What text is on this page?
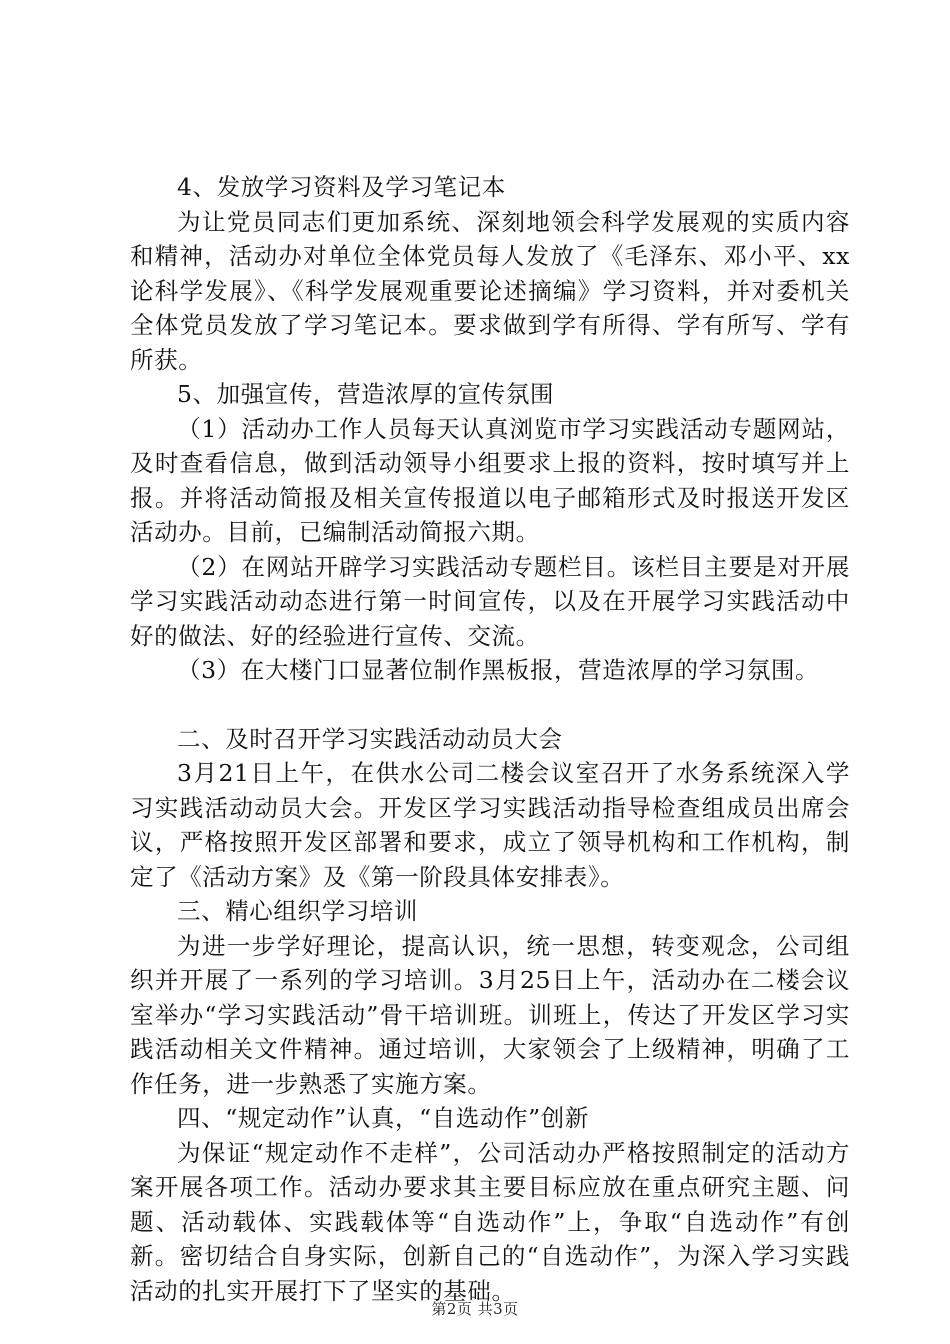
4、发放学习资料及学习笔记本

为让党员同志们更加系统、深刻地领会科学发展观的实质内容和精神，活动办对单位全体党员每人发放了《毛泽东、邓小平、xx论科学发展》、《科学发展观重要论述摘编》学习资料，并对委机关全体党员发放了学习笔记本。要求做到学有所得、学有所写、学有所获。

5、加强宣传，营造浓厚的宣传氛围

（1）活动办工作人员每天认真浏览市学习实践活动专题网站，及时查看信息，做到活动领导小组要求上报的资料，按时填写并上报。并将活动简报及相关宣传报道以电子邮箱形式及时报送开发区活动办。目前，已编制活动简报六期。

（2）在网站开辟学习实践活动专题栏目。该栏目主要是对开展学习实践活动动态进行第一时间宣传，以及在开展学习实践活动中好的做法、好的经验进行宣传、交流。

（3）在大楼门口显著位制作黑板报，营造浓厚的学习氛围。

二、及时召开学习实践活动动员大会

3月21日上午，在供水公司二楼会议室召开了水务系统深入学习实践活动动员大会。开发区学习实践活动指导检查组成员出席会议，严格按照开发区部署和要求，成立了领导机构和工作机构，制定了《活动方案》及《第一阶段具体安排表》。

三、精心组织学习培训

为进一步学好理论，提高认识，统一思想，转变观念，公司组织并开展了一系列的学习培训。3月25日上午，活动办在二楼会议室举办“学习实践活动”骨干培训班。训班上，传达了开发区学习实践活动相关文件精神。通过培训，大家领会了上级精神，明确了工作任务，进一步熟悉了实施方案。

四、“规定动作”认真，“自选动作”创新

为保证“规定动作不走样”，公司活动办严格按照制定的活动方案开展各项工作。活动办要求其主要目标应放在重点研究主题、问题、活动载体、实践载体等“自选动作”上，争取“自选动作”有创新。密切结合自身实际，创新自己的“自选动作”，为深入学习实践活动的扎实开展打下了坚实的基础。

第2页 共3页
